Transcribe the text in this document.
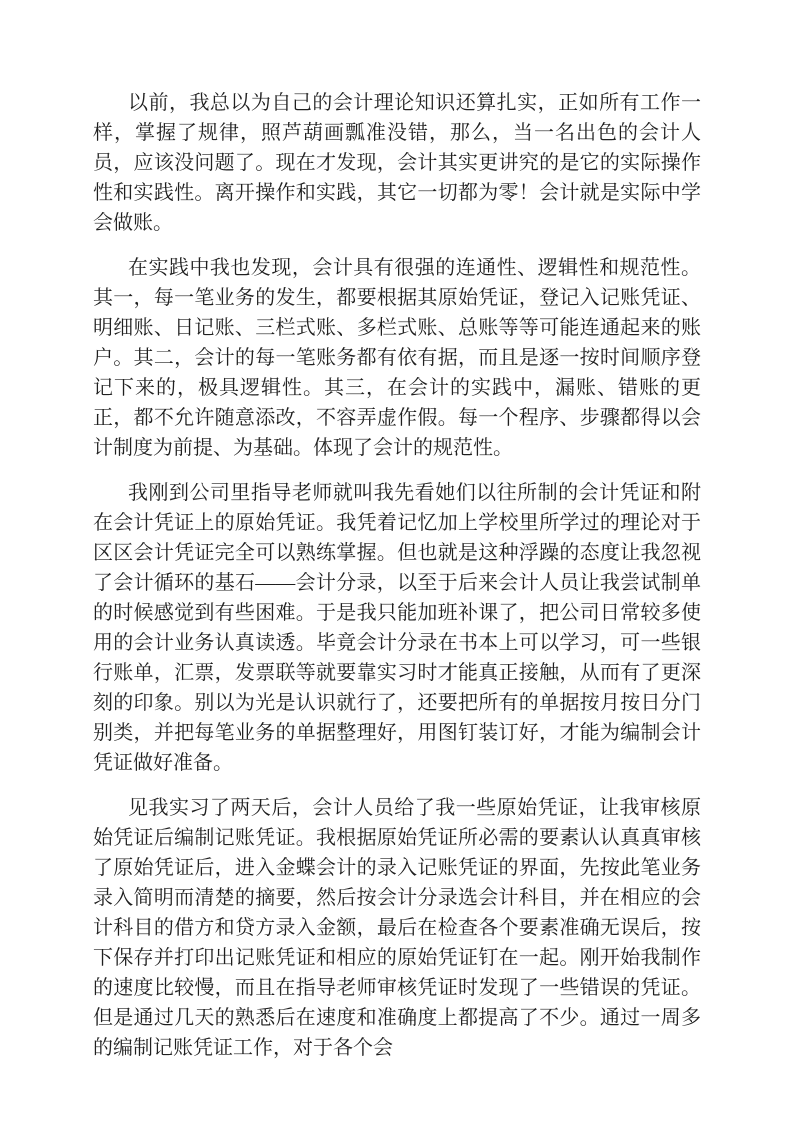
以前，我总以为自己的会计理论知识还算扎实，正如所有工作一样，掌握了规律，照芦葫画瓢准没错，那么，当一名出色的会计人员，应该没问题了。现在才发现，会计其实更讲究的是它的实际操作性和实践性。离开操作和实践，其它一切都为零！会计就是实际中学会做账。

在实践中我也发现，会计具有很强的连通性、逻辑性和规范性。其一，每一笔业务的发生，都要根据其原始凭证，登记入记账凭证、明细账、日记账、三栏式账、多栏式账、总账等等可能连通起来的账户。其二，会计的每一笔账务都有依有据，而且是逐一按时间顺序登记下来的，极具逻辑性。其三，在会计的实践中，漏账、错账的更正，都不允许随意添改，不容弄虚作假。每一个程序、步骤都得以会计制度为前提、为基础。体现了会计的规范性。

我刚到公司里指导老师就叫我先看她们以往所制的会计凭证和附在会计凭证上的原始凭证。我凭着记忆加上学校里所学过的理论对于区区会计凭证完全可以熟练掌握。但也就是这种浮躁的态度让我忽视了会计循环的基石——会计分录，以至于后来会计人员让我尝试制单的时候感觉到有些困难。于是我只能加班补课了，把公司日常较多使用的会计业务认真读透。毕竟会计分录在书本上可以学习，可一些银行账单，汇票，发票联等就要靠实习时才能真正接触，从而有了更深刻的印象。别以为光是认识就行了，还要把所有的单据按月按日分门别类，并把每笔业务的单据整理好，用图钉装订好，才能为编制会计凭证做好准备。

见我实习了两天后，会计人员给了我一些原始凭证，让我审核原始凭证后编制记账凭证。我根据原始凭证所必需的要素认认真真审核了原始凭证后，进入金蝶会计的录入记账凭证的界面，先按此笔业务录入简明而清楚的摘要，然后按会计分录选会计科目，并在相应的会计科目的借方和贷方录入金额，最后在检查各个要素准确无误后，按下保存并打印出记账凭证和相应的原始凭证钉在一起。刚开始我制作的速度比较慢，而且在指导老师审核凭证时发现了一些错误的凭证。但是通过几天的熟悉后在速度和准确度上都提高了不少。通过一周多的编制记账凭证工作，对于各个会
